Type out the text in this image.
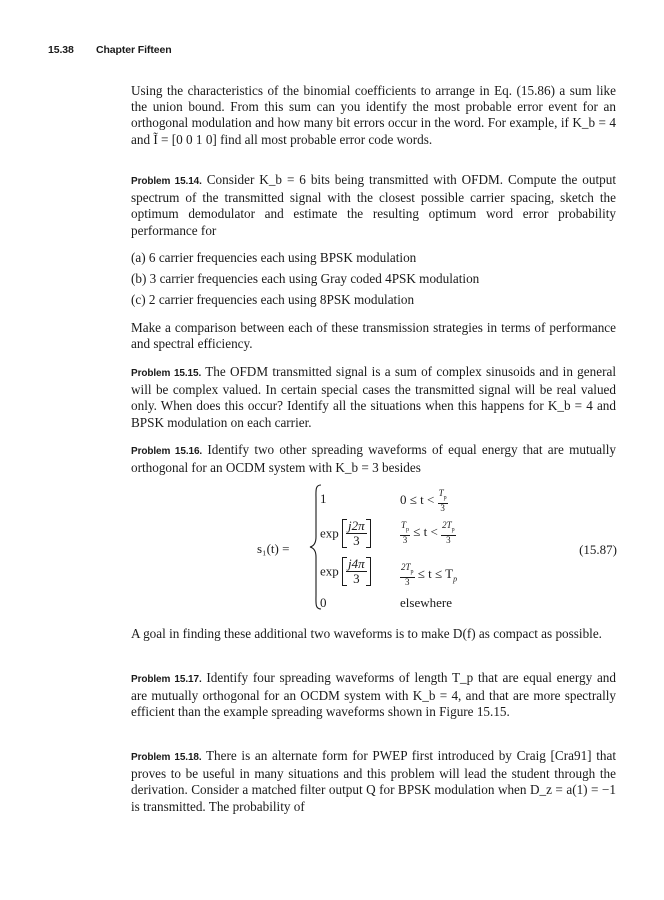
15.38 Chapter Fifteen

Using the characteristics of the binomial coefficients to arrange in Eq. (15.86) a sum like the union bound. From this sum can you identify the most probable error event for an orthogonal modulation and how many bit errors occur in the word. For example, if K_b = 4 and Ĩ = [0 0 1 0] find all most probable error code words.

Problem 15.14. Consider K_b = 6 bits being transmitted with OFDM. Compute the output spectrum of the transmitted signal with the closest possible carrier spacing, sketch the optimum demodulator and estimate the resulting optimum word error probability performance for

(a) 6 carrier frequencies each using BPSK modulation

(b) 3 carrier frequencies each using Gray coded 4PSK modulation

(c) 2 carrier frequencies each using 8PSK modulation

Make a comparison between each of these transmission strategies in terms of performance and spectral efficiency.

Problem 15.15. The OFDM transmitted signal is a sum of complex sinusoids and in general will be complex valued. In certain special cases the transmitted signal will be real valued only. When does this occur? Identify all the situations when this happens for K_b = 4 and BPSK modulation on each carrier.

Problem 15.16. Identify two other spreading waveforms of equal energy that are mutually orthogonal for an OCDM system with K_b = 3 besides

s₁(t) =
1	$0 \le t < \frac{T_p}{3}$
$\exp \frac{j2\pi}{3}$	$\frac{T_p}{3} \le t < \frac{2T_p}{3}$
$\exp \frac{j4\pi}{3}$	$\frac{2T_p}{3} \le t \le T_p$
0	elsewhere
(15.87)

A goal in finding these additional two waveforms is to make D(f) as compact as possible.

Problem 15.17. Identify four spreading waveforms of length T_p that are equal energy and are mutually orthogonal for an OCDM system with K_b = 4, and that are more spectrally efficient than the example spreading waveforms shown in Figure 15.15.

Problem 15.18. There is an alternate form for PWEP first introduced by Craig [Cra91] that proves to be useful in many situations and this problem will lead the student through the derivation. Consider a matched filter output Q for BPSK modulation when D_z = a(1) = −1 is transmitted. The probability of
